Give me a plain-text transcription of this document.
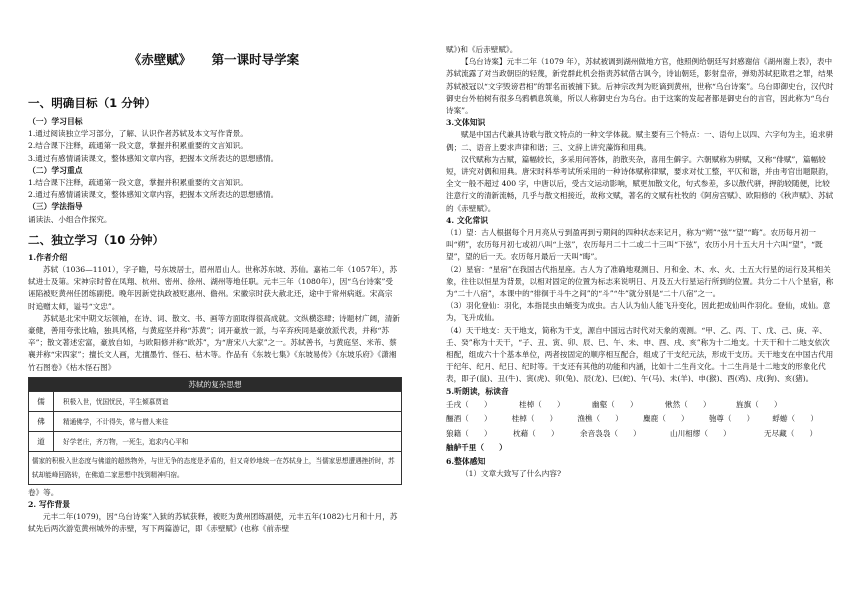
《赤壁赋》 第一课时导学案
一、明确目标（1 分钟）
（一）学习目标

1.通过阅读独立学习部分，了解、认识作者苏轼及本文写作背景。

2.结合课下注释，疏通第一段文意，掌握并积累重要的文言知识。

3.通过有感情诵读课文，整体感知文章内容，把握本文所表达的思想感情。

（二）学习重点

1.结合课下注释，疏通第一段文意，掌握并积累重要的文言知识。

2.通过有感情诵读课文，整体感知文章内容，把握本文所表达的思想感情。

（三）学法指导

诵读法、小组合作探究。

二、独立学习（10 分钟）
1.作者介绍

苏轼（1036—1101），字子瞻，号东坡居士，眉州眉山人。世称苏东坡、苏仙。嘉祐二年（1057年），苏轼进士及第。宋神宗时曾在凤翔、杭州、密州、徐州、湖州等地任职。元丰三年（1080年），因“乌台诗案”受诬陷被贬黄州任团练副使。晚年因新党执政被贬惠州、儋州。宋徽宗时获大赦北还，途中于常州病逝。宋高宗时追赠太师，谥号“文忠”。

苏轼是北宋中期文坛领袖，在诗、词、散文、书、画等方面取得很高成就。文纵横恣肆；诗题材广阔，清新豪健，善用夸张比喻，独具风格，与黄庭坚并称“苏黄”；词开豪放一派，与辛弃疾同是豪放派代表，并称“苏辛”；散文著述宏富，豪放自如，与欧阳修并称“欧苏”，为“唐宋八大家”之一。苏轼善书，与黄庭坚、米芾、蔡襄并称“宋四家”；擅长文人画，尤擅墨竹、怪石、枯木等。作品有《东坡七集》《东坡易传》《东坡乐府》《潇湘竹石图卷》《枯木怪石图》

苏轼的复杂思想
儒	积极入世，忧国忧民，平生倾慕贾谊
佛	精通佛学，不计得失，常与僧人来往
道	好学老庄，齐万物，一死生，追求内心平和
儒家的积极入世态度与佛道的超然物外，与世无争的态度是矛盾的，但又奇妙地统一在苏轼身上，当儒家思想遭遇挫折时，苏轼却能峰回路转，在佛道二家思想中找到精神归宿。

卷》等。

2. 写作背景

元丰二年(1079)，因“乌台诗案”入狱的苏轼获释，被贬为黄州团练副使，元丰五年(1082)七月和十月，苏轼先后两次游览黄州城外的赤壁，写下两篇游记，即《赤壁赋》(也称《前赤壁

赋》)和《后赤壁赋》。

【乌台诗案】元丰二年（1079 年），苏轼被调到湖州做地方官，他照例给朝廷写封感谢信《湖州谢上表》，表中苏轼流露了对当政朝臣的轻蔑，新党群此机会指责苏轼借古讽今，诗讪朝廷，影射皇帝，弹劾苏轼犯欺君之罪，结果苏轼被冠以“文字毁谤君相”的罪名而被捕下狱。后神宗改判为贬谪到黄州，世称“乌台诗案”。乌台即御史台，汉代时御史台外柏树有很多乌鸦栖息筑巢，所以人称御史台为乌台。由于这案的发起者都是御史台的言官，因此称为“乌台诗案”。

3.文体知识

赋是中国古代兼具诗歌与散文特点的一种文学体裁。赋主要有三个特点：一、语句上以四、六字句为主，追求骈偶；二、语音上要求声律和谐；三、文辞上讲究藻饰和用典。

汉代赋称为古赋，篇幅较长，多采用问答体，韵散夹杂，喜用生僻字。六朝赋称为骈赋，又称“俳赋”，篇幅较短，讲究对偶和用典。唐宋时科举考试所采用的一种诗体赋称律赋，要求对仗工整，平仄和谐，并由考官出题限韵，全文一般不超过 400 字，中唐以后，受古文运动影响，赋更加散文化，句式参差，多以散代骈，押韵较随便，比较注意行文的清新流畅，几乎与散文相接近，故称文赋，著名的文赋有杜牧的《阿房宫赋》、欧阳修的《秋声赋》、苏轼的《赤壁赋》。

4. 文化常识

（1）望：古人根据每个月月亮从亏到盈再到亏期间的四种状态来记月，称为“朔”“弦”“望”“晦”。农历每月初一叫“朔”，农历每月初七或初八叫“上弦”，农历每月二十二或二十三叫“下弦”，农历小月十五大月十六叫“望”，“既望”，望的后一天。农历每月最后一天叫“晦”。

（2）星宿：“星宿”在我国古代指星座。古人为了准确地观测日、月和金、木、水、火、土五大行星的运行及其相关象，往往以恒星为背景，以相对固定的位置为标志来说明日、月及五大行星运行所到的位置。共分二十八个星宿，称为“二十八宿”，本课中的“徘徊于斗牛之间”的“斗”“牛”就分别是“二十八宿”之一。

（3）羽化登仙：羽化，本指昆虫由蛹变为成虫。古人认为仙人能飞升变化，因此把成仙叫作羽化。登仙，成仙。意为，飞升成仙。

（4）天干地支：天干地支，简称为干支，源自中国远古时代对天象的观测。“甲、乙、丙、丁、戊、己、庚、辛、壬、癸”称为十天干，“子、丑、寅、卯、辰、巳、午、未、申、酉、戌、亥”称为十二地支。十天干和十二地支依次相配，组成六十个基本单位，两者按固定的顺序相互配合，组成了干支纪元法，形成干支历。天干地支在中国古代用于纪年、纪月、纪日、纪时等。干支还有其他的功能和内涵，比如十二生肖文化。十二生肖是十二地支的形象化代表，即子(鼠)、丑(牛)、寅(虎)、卯(兔)、辰(龙)、巳(蛇)、午(马)、未(羊)、申(猴)、酉(鸡)、戌(狗)、亥(猪)。

5.听朗读，标读音
壬戌（　　）	桂棹（　　）	幽壑（　　）	愀然（　　）	旌旗（　　）
酾酒（　　）	桂棹（　　）	渔樵（　　）	麋鹿（　　）	匏尊（　　）	蜉蝣（　　）
狼籍（　　）	枕藉（　　）	余音袅袅（　　）	山川相缪（　　）	无尽藏（　　）
舳舻千里（　　）
6.整体感知

（1）文章大致写了什么内容?
